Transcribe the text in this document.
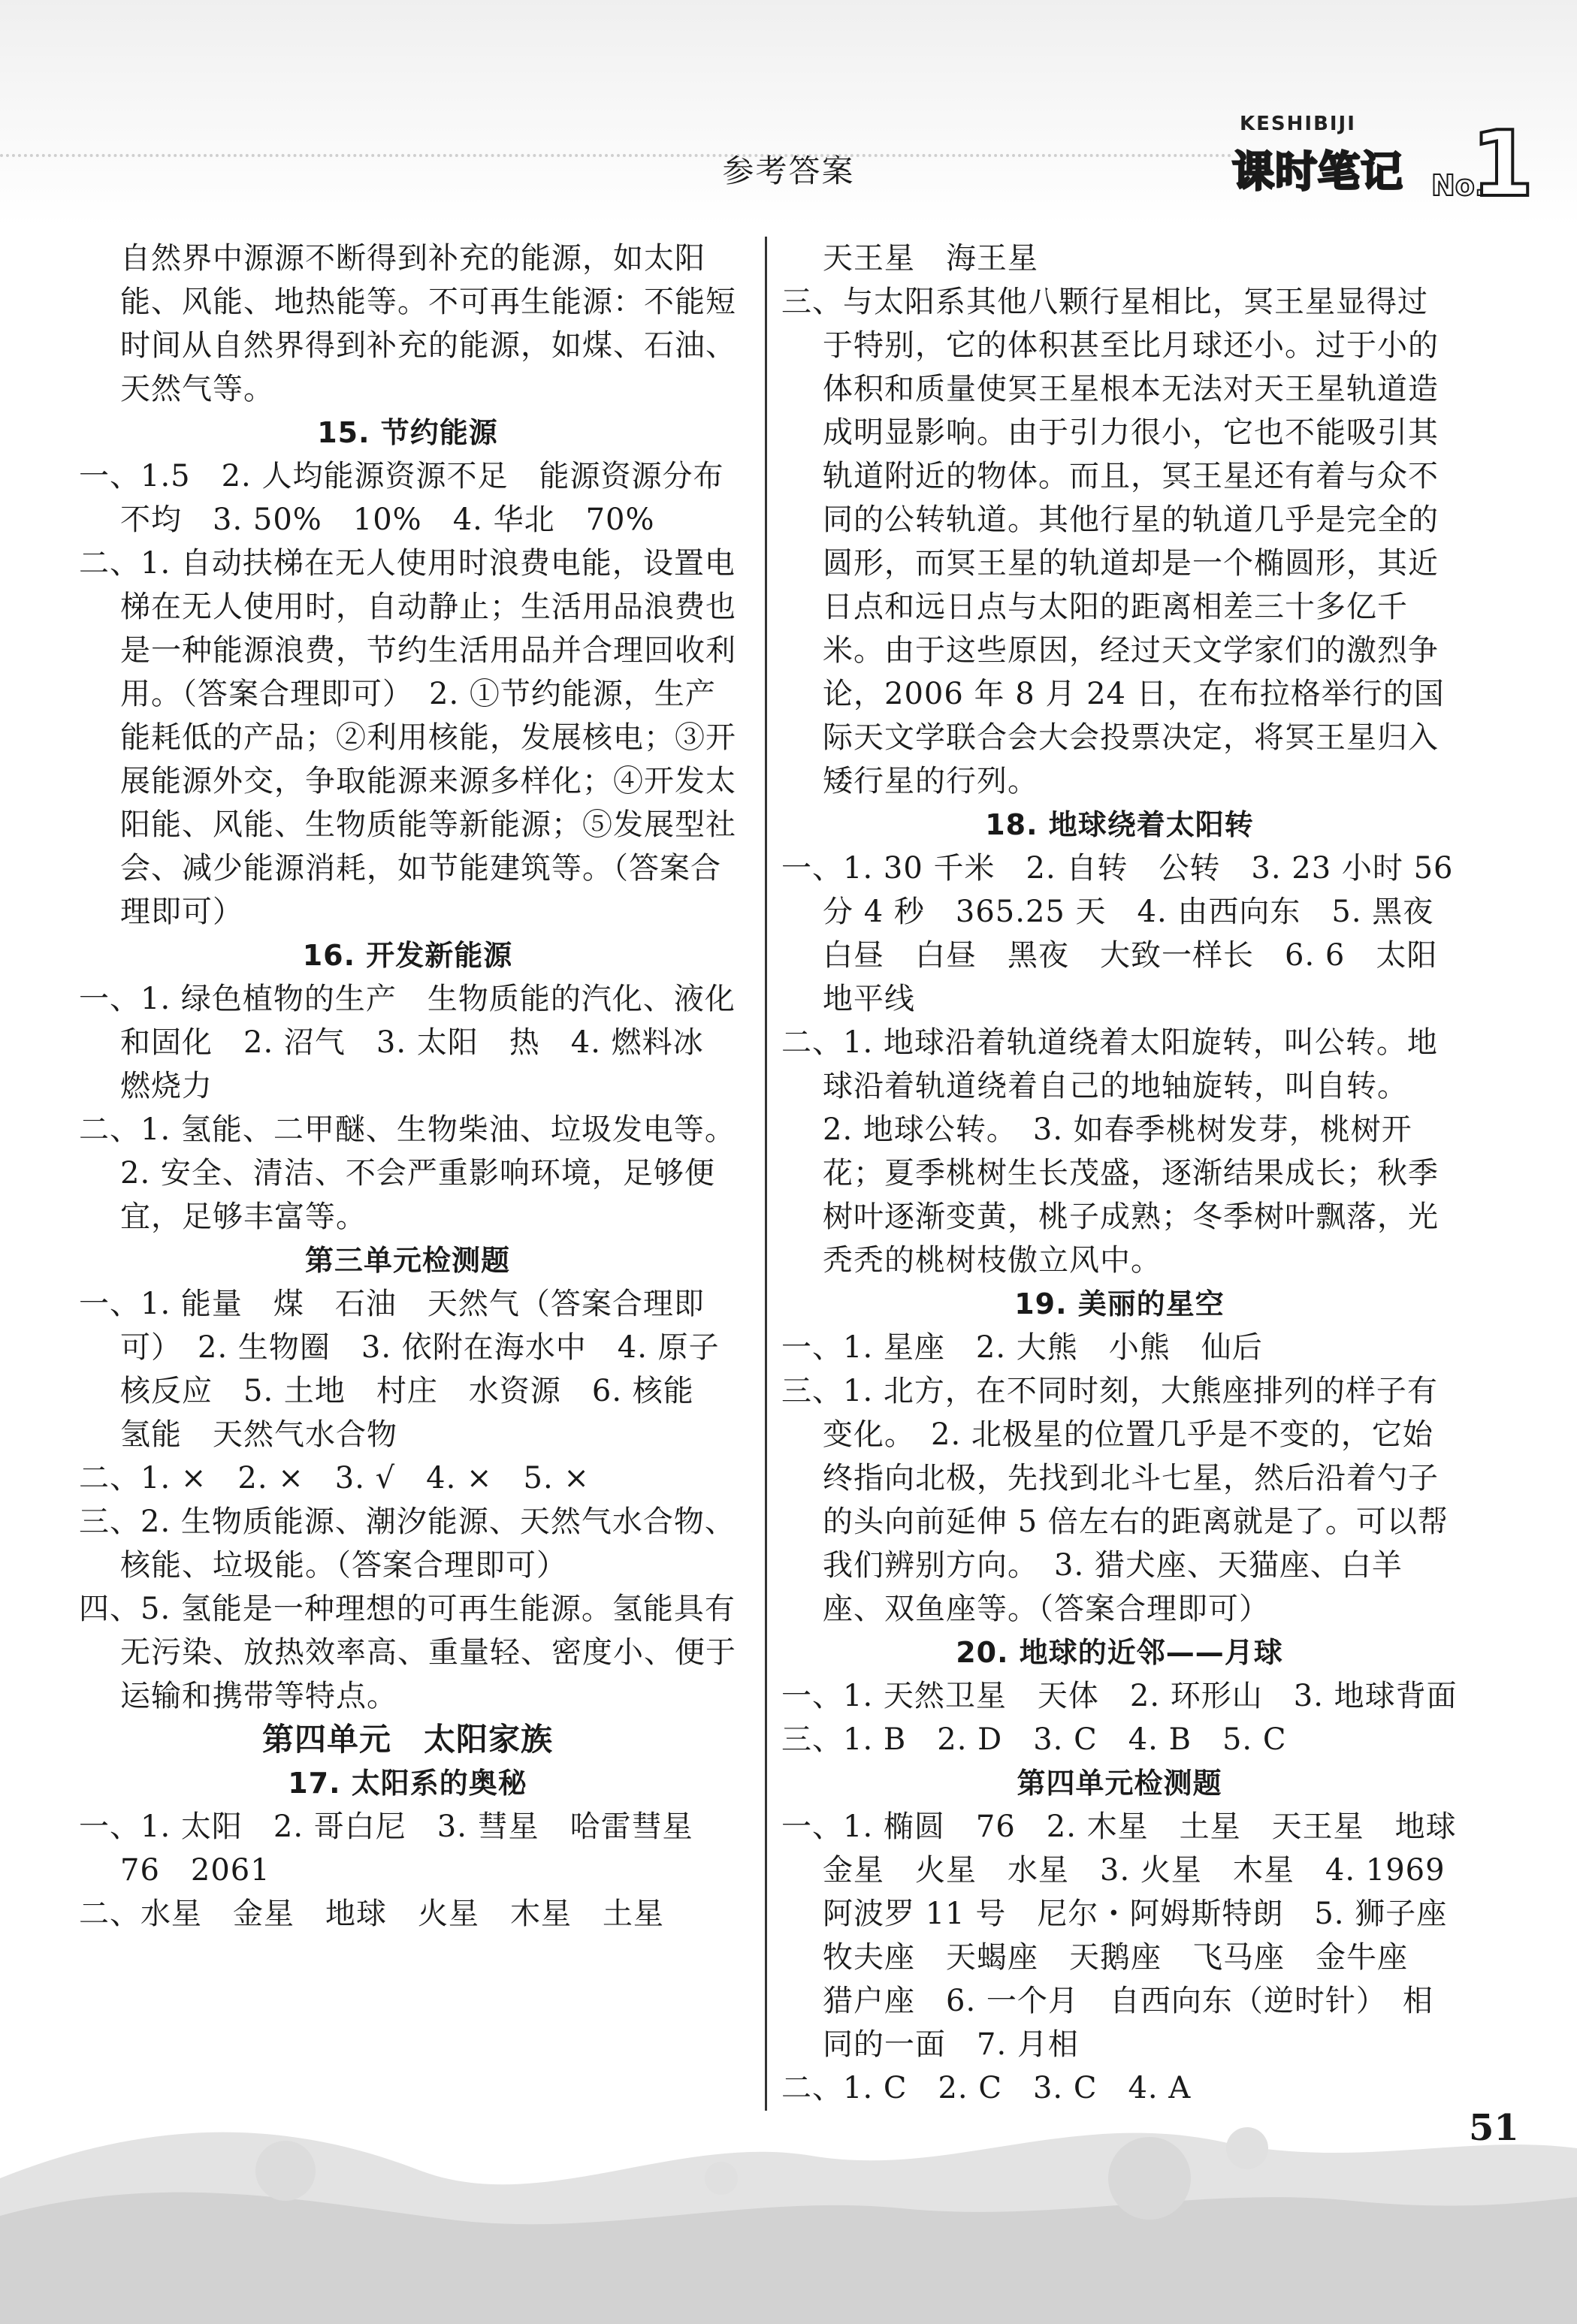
参考答案
KESHIBIJI
课时笔记 No.
1

自然界中源源不断得到补充的能源，如太阳能、风能、地热能等。不可再生能源：不能短时间从自然界得到补充的能源，如煤、石油、天然气等。

15. 节约能源

一、1.5　2. 人均能源资源不足　能源资源分布不均　3. 50%　10%　4. 华北　70%

二、1. 自动扶梯在无人使用时浪费电能，设置电梯在无人使用时，自动静止；生活用品浪费也是一种能源浪费，节约生活用品并合理回收利用。（答案合理即可）　2. ①节约能源，生产能耗低的产品；②利用核能，发展核电；③开展能源外交，争取能源来源多样化；④开发太阳能、风能、生物质能等新能源；⑤发展型社会、减少能源消耗，如节能建筑等。（答案合理即可）

16. 开发新能源

一、1. 绿色植物的生产　生物质能的汽化、液化和固化　2. 沼气　3. 太阳　热　4. 燃料冰　燃烧力

二、1. 氢能、二甲醚、生物柴油、垃圾发电等。

2. 安全、清洁、不会严重影响环境，足够便宜，足够丰富等。

第三单元检测题

一、1. 能量　煤　石油　天然气（答案合理即可）　2. 生物圈　3. 依附在海水中　4. 原子核反应　5. 土地　村庄　水资源　6. 核能　氢能　天然气水合物

二、1. ×　2. ×　3. √　4. ×　5. ×

三、2. 生物质能源、潮汐能源、天然气水合物、核能、垃圾能。（答案合理即可）

四、5. 氢能是一种理想的可再生能源。氢能具有无污染、放热效率高、重量轻、密度小、便于运输和携带等特点。

第四单元　太阳家族

17. 太阳系的奥秘

一、1. 太阳　2. 哥白尼　3. 彗星　哈雷彗星　76　2061

二、水星　金星　地球　火星　木星　土星

天王星　海王星

三、与太阳系其他八颗行星相比，冥王星显得过于特别，它的体积甚至比月球还小。过于小的体积和质量使冥王星根本无法对天王星轨道造成明显影响。由于引力很小，它也不能吸引其轨道附近的物体。而且，冥王星还有着与众不同的公转轨道。其他行星的轨道几乎是完全的圆形，而冥王星的轨道却是一个椭圆形，其近日点和远日点与太阳的距离相差三十多亿千米。由于这些原因，经过天文学家们的激烈争论，2006 年 8 月 24 日，在布拉格举行的国际天文学联合会大会投票决定，将冥王星归入矮行星的行列。

18. 地球绕着太阳转

一、1. 30 千米　2. 自转　公转　3. 23 小时 56 分 4 秒　365.25 天　4. 由西向东　5. 黑夜　白昼　白昼　黑夜　大致一样长　6. 6　太阳　地平线

二、1. 地球沿着轨道绕着太阳旋转，叫公转。地球沿着轨道绕着自己的地轴旋转，叫自转。

2. 地球公转。　3. 如春季桃树发芽，桃树开花；夏季桃树生长茂盛，逐渐结果成长；秋季树叶逐渐变黄，桃子成熟；冬季树叶飘落，光秃秃的桃树枝傲立风中。

19. 美丽的星空

一、1. 星座　2. 大熊　小熊　仙后

三、1. 北方，在不同时刻，大熊座排列的样子有变化。　2. 北极星的位置几乎是不变的，它始终指向北极，先找到北斗七星，然后沿着勺子的头向前延伸 5 倍左右的距离就是了。可以帮我们辨别方向。　3. 猎犬座、天猫座、白羊座、双鱼座等。（答案合理即可）

20. 地球的近邻——月球

一、1. 天然卫星　天体　2. 环形山　3. 地球背面

三、1. B　2. D　3. C　4. B　5. C

第四单元检测题

一、1. 椭圆　76　2. 木星　土星　天王星　地球　金星　火星　水星　3. 火星　木星　4. 1969　阿波罗 11 号　尼尔・阿姆斯特朗　5. 狮子座　牧夫座　天蝎座　天鹅座　飞马座　金牛座　猎户座　6. 一个月　自西向东（逆时针）　相同的一面　7. 月相

二、1. C　2. C　3. C　4. A

51
